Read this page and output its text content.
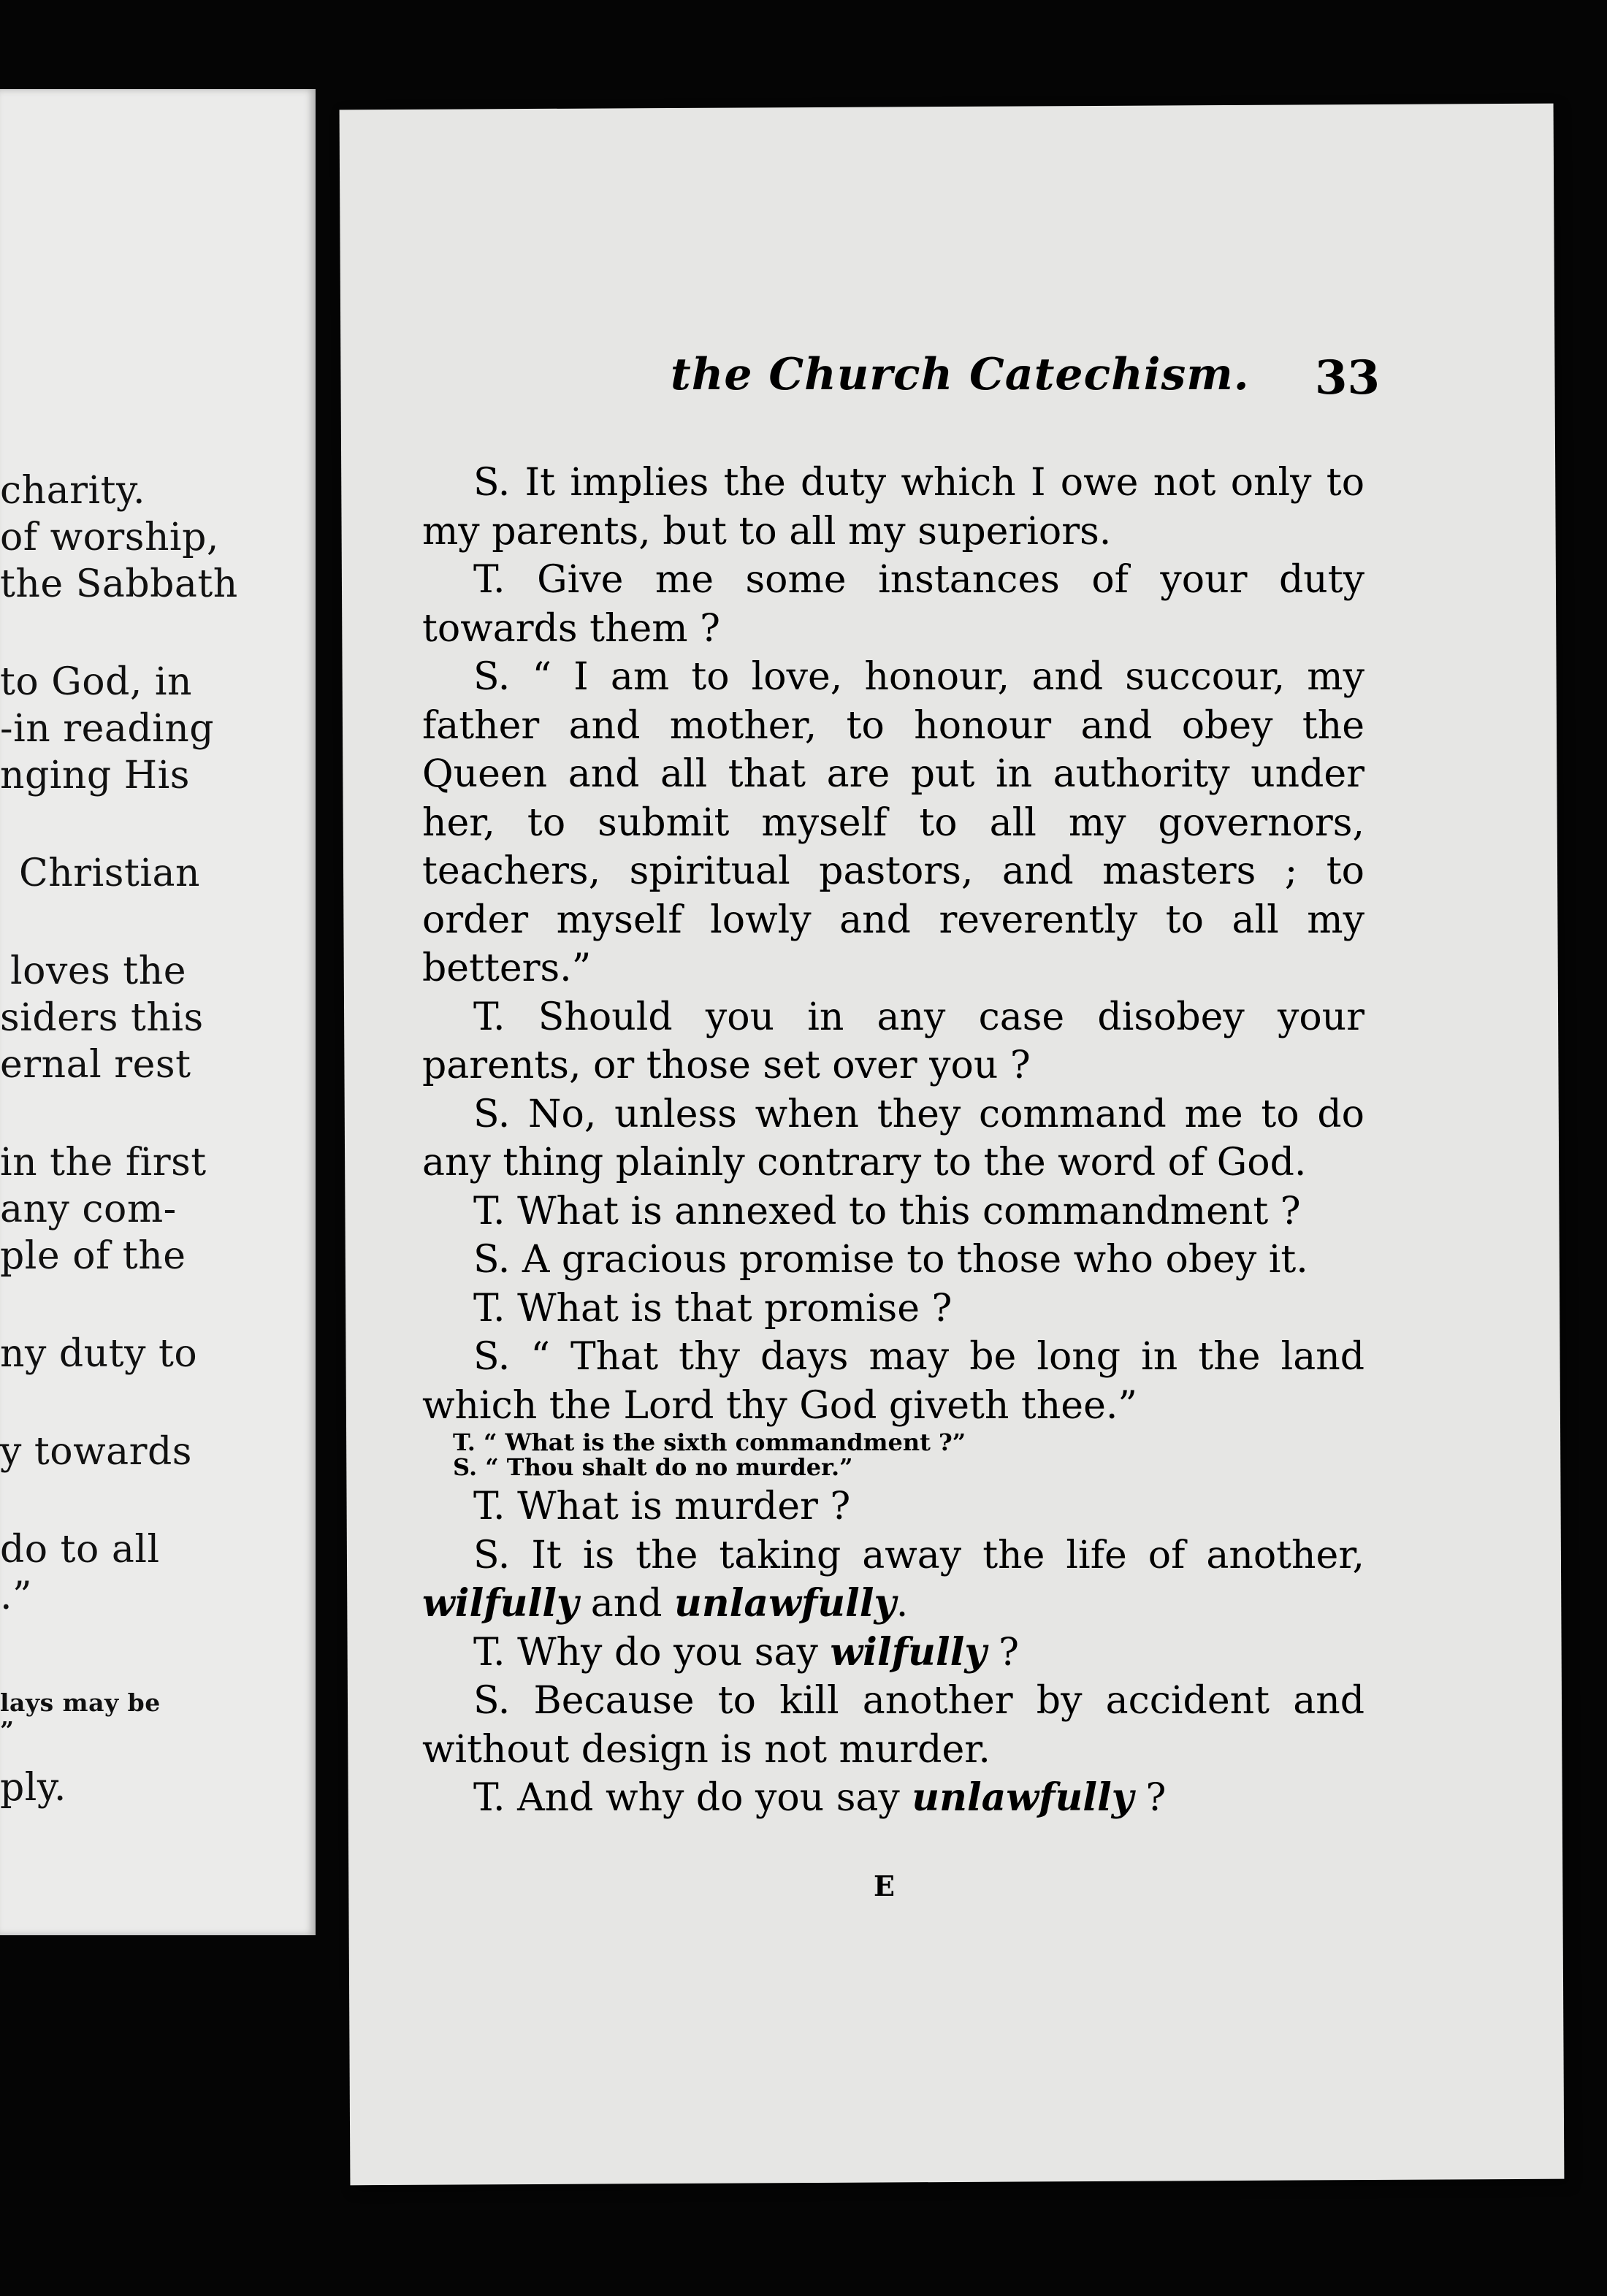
charity.
of worship,
the Sabbath
to God, in
-in reading
nging His
Christian
loves the
siders this
ernal rest
in the first
any com-
ple of the
ny duty to
y towards
do to all
.”
lays may be
”
ply.
the Church Catechism. 33

S. It implies the duty which I owe not only to my parents, but to all my superiors.

T. Give me some instances of your duty towards them ?

S. “ I am to love, honour, and succour, my father and mother, to honour and obey the Queen and all that are put in authority under her, to submit myself to all my governors, teachers, spiritual pastors, and masters ; to order myself lowly and reverently to all my betters.”

T. Should you in any case disobey your parents, or those set over you ?

S. No, unless when they command me to do any thing plainly contrary to the word of God.

T. What is annexed to this commandment ?

S. A gracious promise to those who obey it.

T. What is that promise ?

S. “ That thy days may be long in the land which the Lord thy God giveth thee.”

T. “ What is the sixth commandment ?”

S. “ Thou shalt do no murder.”

T. What is murder ?

S. It is the taking away the life of another, wilfully and unlawfully.

T. Why do you say wilfully ?

S. Because to kill another by accident and without design is not murder.

T. And why do you say unlawfully ?

E
